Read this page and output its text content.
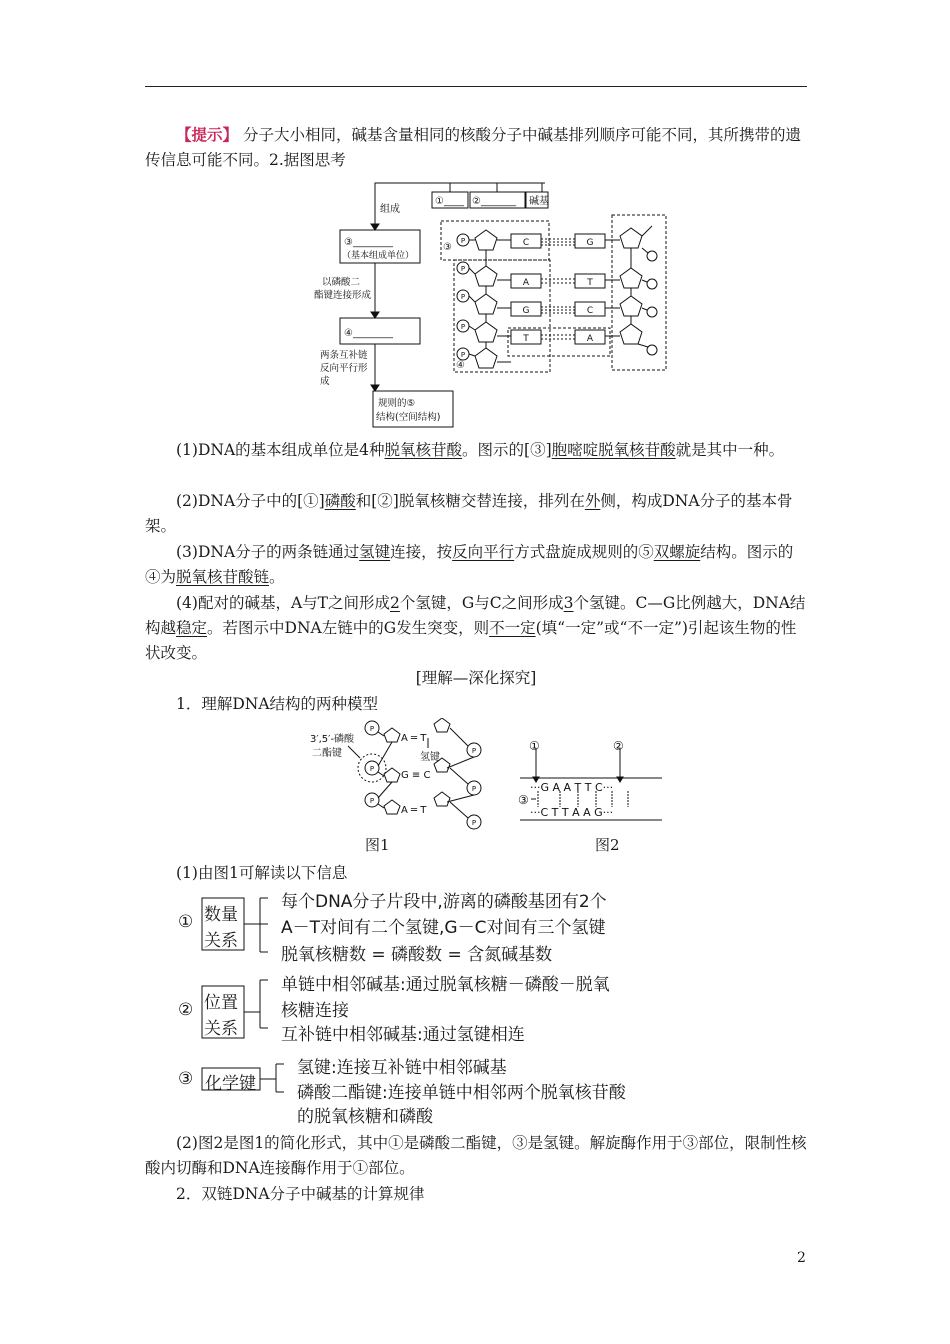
【提示】 分子大小相同，碱基含量相同的核酸分子中碱基排列顺序可能不同，其所携带的遗传信息可能不同。2.据图思考
①____ ②_______ 碱基
组成
③________
（基本组成单位）
以磷酸二
酯键连接形成
④________
两条互补链
反向平行形
成
规则的⑤
结构(空间结构)
③
④
P
P
P
P
P
C
A
G
T
G
T
C
A
(1)DNA的基本组成单位是4种脱氧核苷酸。图示的[③]胞嘧啶脱氧核苷酸就是其中一种。
(2)DNA分子中的[①]磷酸和[②]脱氧核糖交替连接，排列在外侧，构成DNA分子的基本骨架。
(3)DNA分子的两条链通过氢键连接，按反向平行方式盘旋成规则的⑤双螺旋结构。图示的④为脱氧核苷酸链。
(4)配对的碱基，A与T之间形成2个氢键，G与C之间形成3个氢键。C—G比例越大，DNA结构越稳定。若图示中DNA左链中的G发生突变，则不一定(填“一定”或“不一定”)引起该生物的性状改变。
[理解—深化探究]
1．理解DNA结构的两种模型
3′,5′-磷酸
二酯键	氢键
P
P
P
P
P
P
A ═ T
G ≡ C
A ═ T
图1
①	②
③
···G A A T T C···
···C T T A A G···
图2
(1)由图1可解读以下信息
① 数量
关系
每个DNA分子片段中,游离的磷酸基团有2个
A－T对间有二个氢键,G－C对间有三个氢键
脱氧核糖数 = 磷酸数 = 含氮碱基数
② 位置
关系
单链中相邻碱基:通过脱氧核糖－磷酸－脱氧
核糖连接
互补链中相邻碱基:通过氢键相连
③ 化学键
氢键:连接互补链中相邻碱基
磷酸二酯键:连接单链中相邻两个脱氧核苷酸
的脱氧核糖和磷酸
(2)图2是图1的简化形式，其中①是磷酸二酯键，③是氢键。解旋酶作用于③部位，限制性核酸内切酶和DNA连接酶作用于①部位。
2．双链DNA分子中碱基的计算规律
2
